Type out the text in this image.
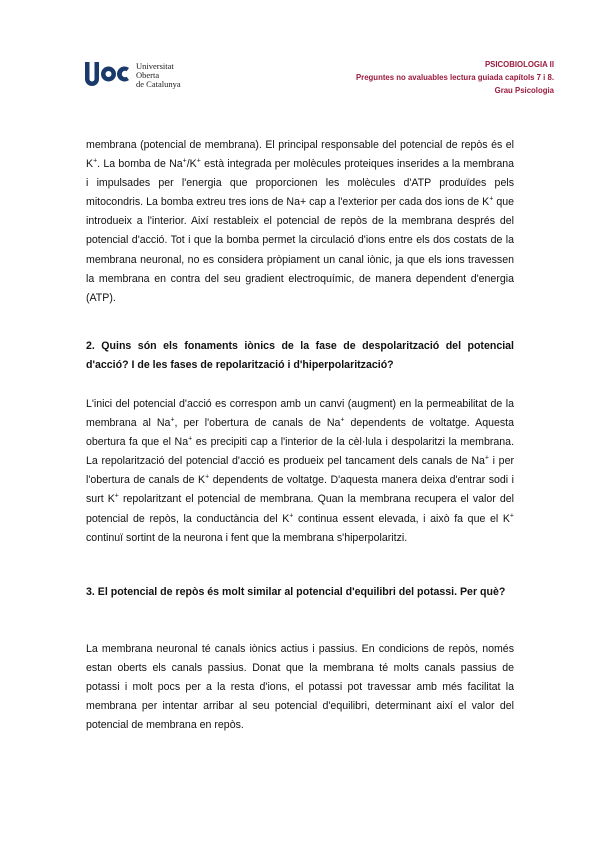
Universitat
Oberta
de Catalunya
PSICOBIOLOGIA II
Preguntes no avaluables lectura guiada capítols 7 i 8.
Grau Psicologia

membrana (potencial de membrana). El principal responsable del potencial de repòs és el K+. La bomba de Na+/K+ està integrada per molècules proteiques inserides a la membrana i impulsades per l'energia que proporcionen les molècules d'ATP produïdes pels mitocondris. La bomba extreu tres ions de Na+ cap a l'exterior per cada dos ions de K+ que introdueix a l'interior. Així restableix el potencial de repòs de la membrana després del potencial d'acció. Tot i que la bomba permet la circulació d'ions entre els dos costats de la membrana neuronal, no es considera pròpiament un canal iònic, ja que els ions travessen la membrana en contra del seu gradient electroquímic, de manera dependent d'energia (ATP).

2. Quins són els fonaments iònics de la fase de despolarització del potencial d'acció? I de les fases de repolarització i d'hiperpolarització?

L'inici del potencial d'acció es correspon amb un canvi (augment) en la permeabilitat de la membrana al Na+, per l'obertura de canals de Na+ dependents de voltatge. Aquesta obertura fa que el Na+ es precipiti cap a l'interior de la cèl·lula i despolaritzi la membrana. La repolarització del potencial d'acció es produeix pel tancament dels canals de Na+ i per l'obertura de canals de K+ dependents de voltatge. D'aquesta manera deixa d'entrar sodi i surt K+ repolaritzant el potencial de membrana. Quan la membrana recupera el valor del potencial de repòs, la conductància del K+ continua essent elevada, i això fa que el K+ continuï sortint de la neurona i fent que la membrana s'hiperpolaritzi.

3. El potencial de repòs és molt similar al potencial d'equilibri del potassi. Per què?

La membrana neuronal té canals iònics actius i passius. En condicions de repòs, només estan oberts els canals passius. Donat que la membrana té molts canals passius de potassi i molt pocs per a la resta d'ions, el potassi pot travessar amb més facilitat la membrana per intentar arribar al seu potencial d'equilibri, determinant així el valor del potencial de membrana en repòs.
